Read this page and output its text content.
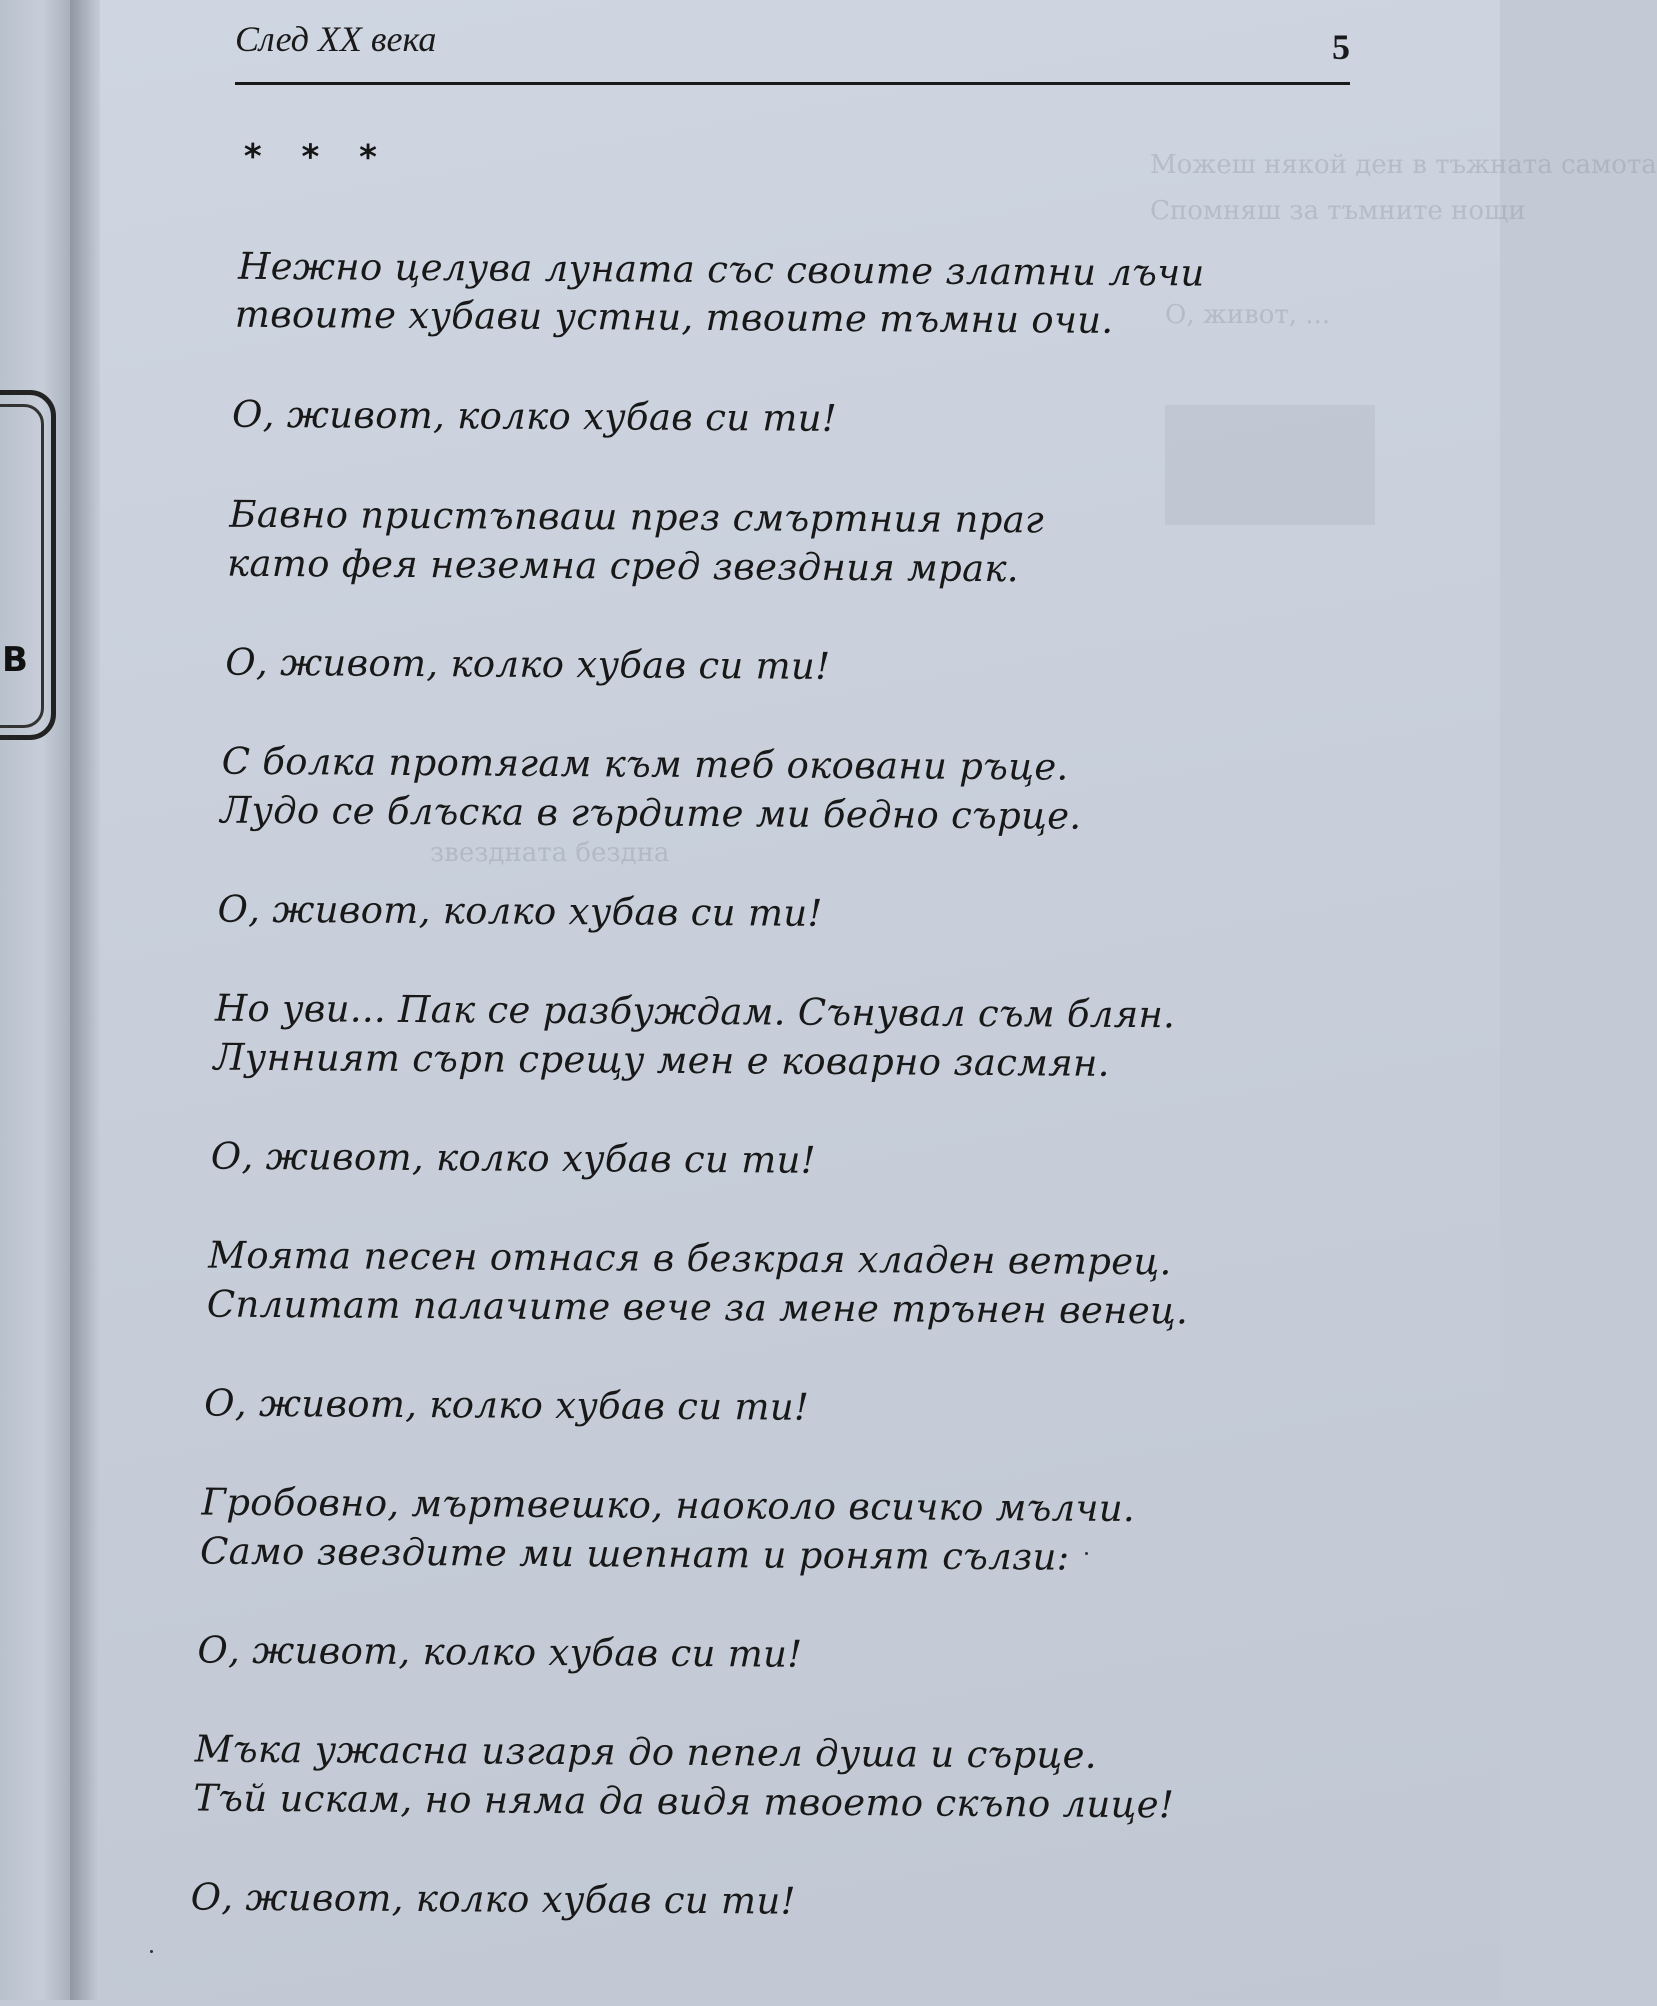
В
Можеш някой ден в тъжната самота
Спомняш за тъмните нощи
О, живот, ...
звездната бездна
След XX века	5
* * *
Нежно целува луната със своите златни лъчи
твоите хубави устни, твоите тъмни очи.
О, живот, колко хубав си ти!
Бавно пристъпваш през смъртния праг
като фея неземна сред звездния мрак.
О, живот, колко хубав си ти!
С болка протягам към теб оковани ръце.
Лудо се блъска в гърдите ми бедно сърце.
О, живот, колко хубав си ти!
Но уви... Пак се разбуждам. Сънувал съм блян.
Лунният сърп срещу мен е коварно засмян.
О, живот, колко хубав си ти!
Моята песен отнася в безкрая хладен ветрец.
Сплитат палачите вече за мене трънен венец.
О, живот, колко хубав си ти!
Гробовно, мъртвешко, наоколо всичко мълчи.
Само звездите ми шепнат и ронят сълзи:
О, живот, колко хубав си ти!
Мъка ужасна изгаря до пепел душа и сърце.
Тъй искам, но няма да видя твоето скъпо лице!
О, живот, колко хубав си ти!
